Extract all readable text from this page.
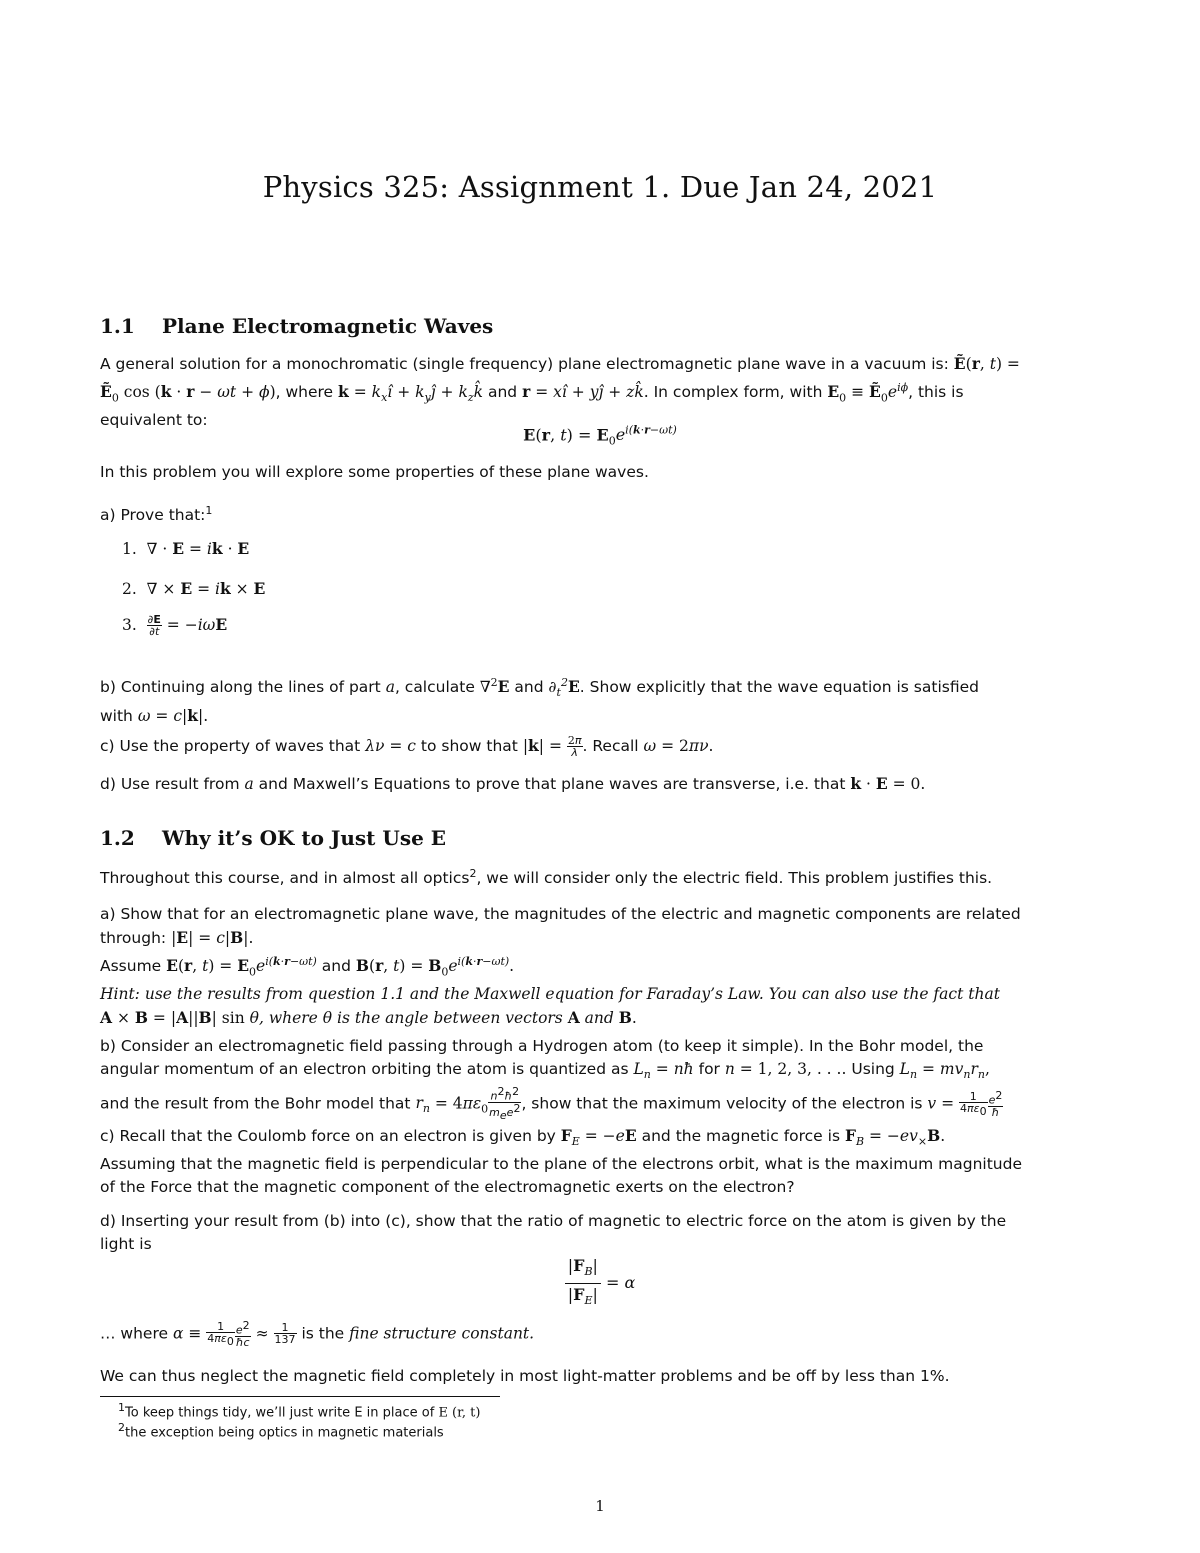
Physics 325: Assignment 1. Due Jan 24, 2021
1.1 Plane Electromagnetic Waves
A general solution for a monochromatic (single frequency) plane electromagnetic plane wave in a vacuum is: Ẽ(r, t) =
Ẽ$_0$ cos (k · r − ωt + ϕ), where $k = k_xî$ + $k_yĵ$ + $k_zk̂$ and r = xî + yĵ + zk̂. In complex form, with $E_0$ ≡ $Ẽ_0e^{i\phi}$, this is
equivalent to:
E(r, $t) = E_0e^{i(k\cdot r-\omega t)}$
In this problem you will explore some properties of these plane waves.
a) Prove that:$^1$
1.  ∇ · E = ik · E
2.  ∇ × E = ik × E
3. $\frac{\partial E}{\partial t} = -i\omega E$
b) Continuing along the lines of part a, calculate ∇$^2$E and $\partial_t^2E$. Show explicitly that the wave equation is satisfied
with ω = c|k|.
c) Use the property of waves that λν = c to show that $|k| = \frac{2\pi}{\lambda}$ . Recall ω = 2πν.
d) Use result from a and Maxwell’s Equations to prove that plane waves are transverse, i.e. that k · E = 0.
1.2 Why it’s OK to Just Use E
Throughout this course, and in almost all optics$^2$, we will consider only the electric field. This problem justifies this.
a) Show that for an electromagnetic plane wave, the magnitudes of the electric and magnetic components are related
through: |E| = c|B|.
Assume E(r, $t) = E_0e^{i(k\cdot r-\omega t)}$ and B(r, $t) = B_0e^{i(k\cdot r-\omega t)}$.
Hint: use the results from question 1.1 and the Maxwell equation for Faraday’s Law. You can also use the fact that
A × B = |A||B| sin θ, where θ is the angle between vectors A and B.
b) Consider an electromagnetic field passing through a Hydrogen atom (to keep it simple). In the Bohr model, the
angular momentum of an electron orbiting the atom is quantized as $L_n$ = nħ for n = 1, 2, 3, . . .. Using $L_n = mv_nr_n$,
and the result from the Bohr model that $r_n = 4\pi\varepsilon_0 \frac{n^2ħ^2}{m_ee^2}$ , show that the maximum velocity of the electron is $v = \frac{1}{4\pi\varepsilon_0} \frac{e^2}{ħ}$
c) Recall that the Coulomb force on an electron is given by $F_E = -eE$ and the magnetic force is $F_B = -ev_\times B$.
Assuming that the magnetic field is perpendicular to the plane of the electrons orbit, what is the maximum magnitude
of the Force that the magnetic component of the electromagnetic exerts on the electron?
d) Inserting your result from (b) into (c), show that the ratio of magnetic to electric force on the atom is given by the
light is
$\frac{|F_B|}{|F_E|} = \alpha$
… where $\alpha \equiv \frac{1}{4\pi\varepsilon_0} \frac{e^2}{ħc} \approx \frac{1}{137}$ is the fine structure constant.
We can thus neglect the magnetic field completely in most light-matter problems and be off by less than 1%.
$^1$To keep things tidy, we’ll just write E in place of E (r, t)
$^2$the exception being optics in magnetic materials
1
